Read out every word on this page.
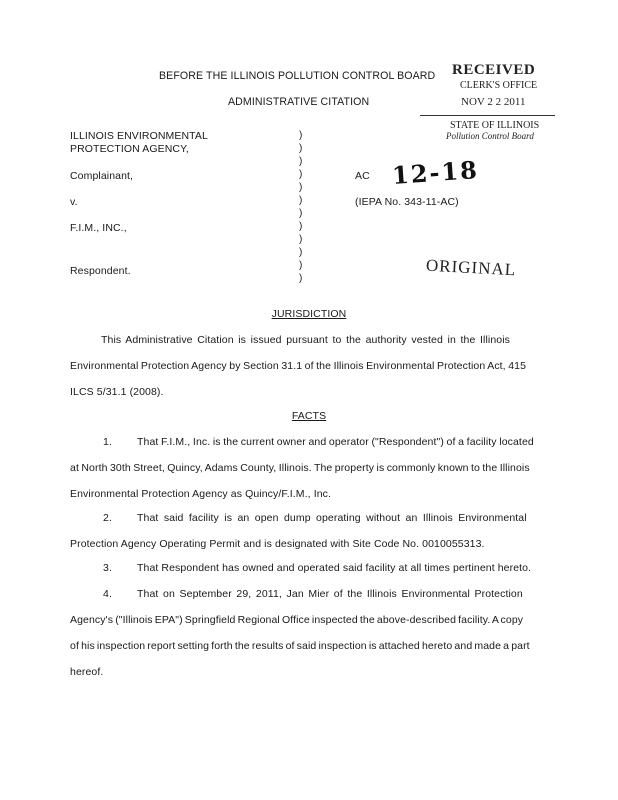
BEFORE THE ILLINOIS POLLUTION CONTROL BOARD
ADMINISTRATIVE CITATION
RECEIVED
CLERK'S OFFICE
NOV 2 2 2011
STATE OF ILLINOIS
Pollution Control Board
ILLINOIS ENVIRONMENTAL
PROTECTION AGENCY,
Complainant,
v.
F.I.M., INC.,
Respondent.
)
)
)
)
)
)
)
)
)
)
)
)
AC 12-18
(IEPA No. 343-11-AC)
ORIGINAL
JURISDICTION
This Administrative Citation is issued pursuant to the authority vested in the Illinois
Environmental Protection Agency by Section 31.1 of the Illinois Environmental Protection Act, 415
ILCS 5/31.1 (2008).
FACTS
1. That F.I.M., Inc. is the current owner and operator ("Respondent") of a facility located
at North 30th Street, Quincy, Adams County, Illinois. The property is commonly known to the Illinois
Environmental Protection Agency as Quincy/F.I.M., Inc.
2. That said facility is an open dump operating without an Illinois Environmental
Protection Agency Operating Permit and is designated with Site Code No. 0010055313.
3. That Respondent has owned and operated said facility at all times pertinent hereto.
4. That on September 29, 2011, Jan Mier of the Illinois Environmental Protection
Agency's ("Illinois EPA") Springfield Regional Office inspected the above-described facility. A copy
of his inspection report setting forth the results of said inspection is attached hereto and made a part
hereof.
